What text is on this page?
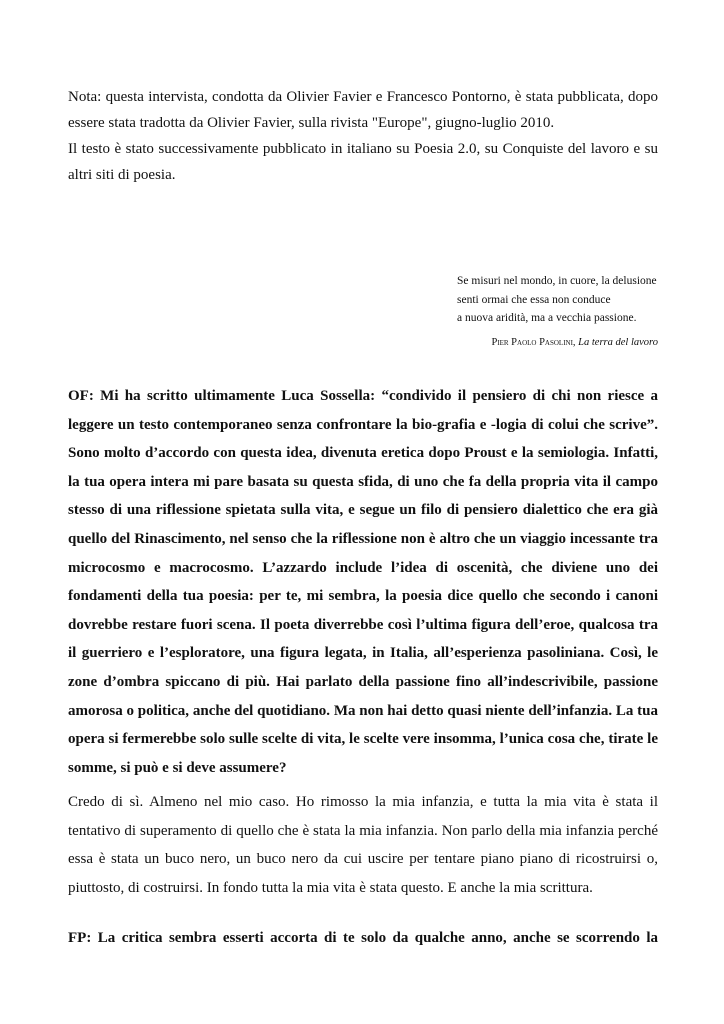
Nota: questa intervista, condotta da Olivier Favier e Francesco Pontorno, è stata pubblicata, dopo essere stata tradotta da Olivier Favier, sulla rivista "Europe", giugno-luglio 2010.

Il testo è stato successivamente pubblicato in italiano su Poesia 2.0, su Conquiste del lavoro e su altri siti di poesia.

Se misuri nel mondo, in cuore, la delusione
senti ormai che essa non conduce
a nuova aridità, ma a vecchia passione.
Pier Paolo Pasolini, La terra del lavoro

OF: Mi ha scritto ultimamente Luca Sossella: “condivido il pensiero di chi non riesce a leggere un testo contemporaneo senza confrontare la bio-grafia e -logia di colui che scrive”. Sono molto d’accordo con questa idea, divenuta eretica dopo Proust e la semiologia. Infatti, la tua opera intera mi pare basata su questa sfida, di uno che fa della propria vita il campo stesso di una riflessione spietata sulla vita, e segue un filo di pensiero dialettico che era già quello del Rinascimento, nel senso che la riflessione non è altro che un viaggio incessante tra microcosmo e macrocosmo. L’azzardo include l’idea di oscenità, che diviene uno dei fondamenti della tua poesia: per te, mi sembra, la poesia dice quello che secondo i canoni dovrebbe restare fuori scena. Il poeta diverrebbe così l’ultima figura dell’eroe, qualcosa tra il guerriero e l’esploratore, una figura legata, in Italia, all’esperienza pasoliniana. Così, le zone d’ombra spiccano di più. Hai parlato della passione fino all’indescrivibile, passione amorosa o politica, anche del quotidiano. Ma non hai detto quasi niente dell’infanzia. La tua opera si fermerebbe solo sulle scelte di vita, le scelte vere insomma, l’unica cosa che, tirate le somme, si può e si deve assumere?

Credo di sì. Almeno nel mio caso. Ho rimosso la mia infanzia, e tutta la mia vita è stata il tentativo di superamento di quello che è stata la mia infanzia. Non parlo della mia infanzia perché essa è stata un buco nero, un buco nero da cui uscire per tentare piano piano di ricostruirsi o, piuttosto, di costruirsi. In fondo tutta la mia vita è stata questo. E anche la mia scrittura.

FP: La critica sembra esserti accorta di te solo da qualche anno, anche se scorrendo la
